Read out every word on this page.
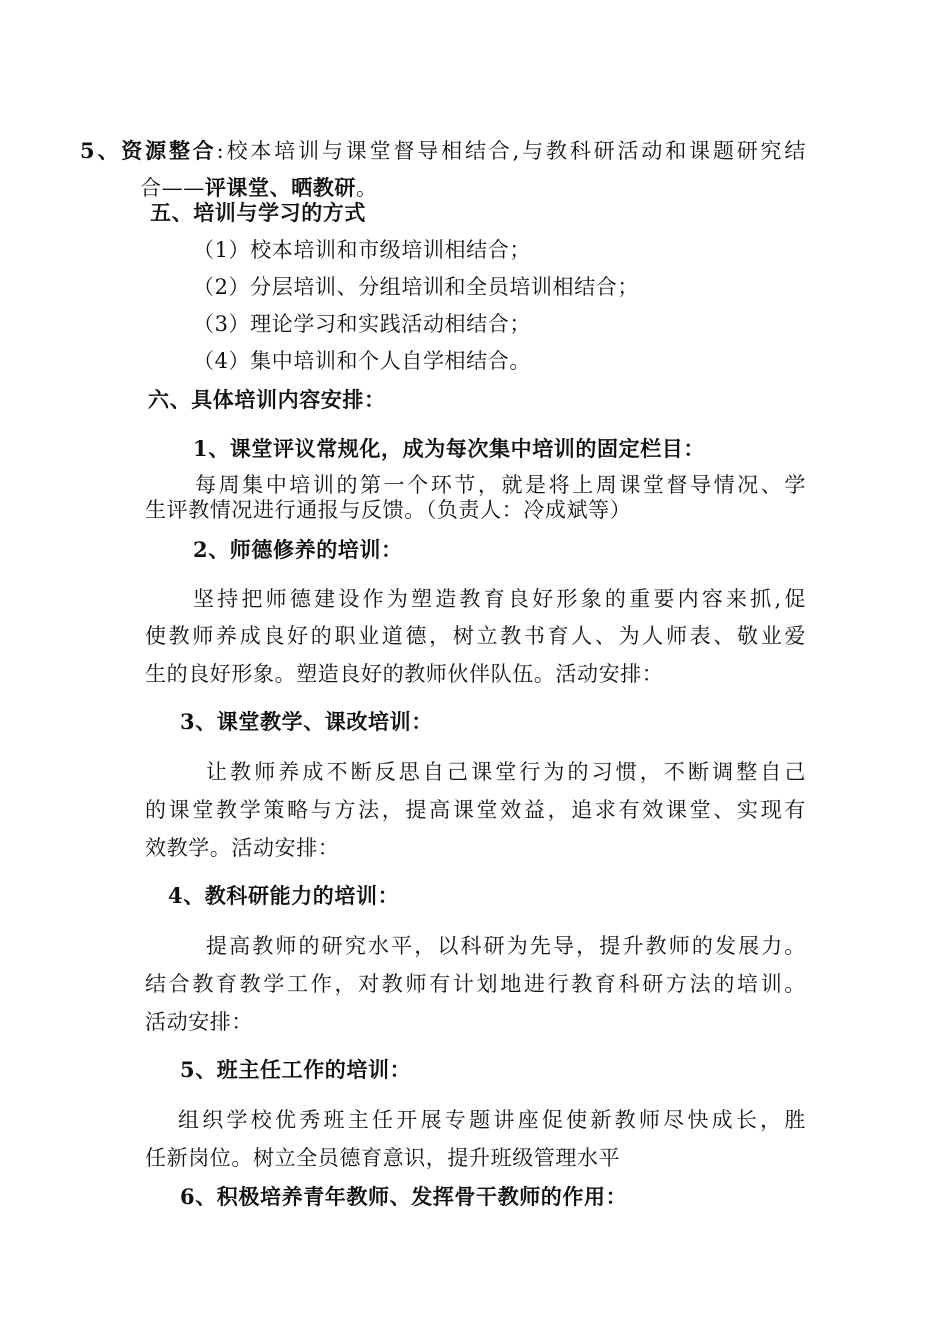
5、资源整合:校本培训与课堂督导相结合,与教科研活动和课题研究结
合——评课堂、晒教研。
五、培训与学习的方式
（1）校本培训和市级培训相结合；
（2）分层培训、分组培训和全员培训相结合；
（3）理论学习和实践活动相结合；
（4）集中培训和个人自学相结合。
六、具体培训内容安排：
1、课堂评议常规化，成为每次集中培训的固定栏目：
每周集中培训的第一个环节，就是将上周课堂督导情况、学
生评教情况进行通报与反馈。（负责人：冷成斌等）
2、师德修养的培训：
坚持把师德建设作为塑造教育良好形象的重要内容来抓,促
使教师养成良好的职业道德，树立教书育人、为人师表、敬业爱
生的良好形象。塑造良好的教师伙伴队伍。活动安排：
3、课堂教学、课改培训：
让教师养成不断反思自己课堂行为的习惯，不断调整自己
的课堂教学策略与方法，提高课堂效益，追求有效课堂、实现有
效教学。活动安排：
4、教科研能力的培训：
提高教师的研究水平，以科研为先导，提升教师的发展力。
结合教育教学工作，对教师有计划地进行教育科研方法的培训。
活动安排：
5、班主任工作的培训：
组织学校优秀班主任开展专题讲座促使新教师尽快成长，胜
任新岗位。树立全员德育意识，提升班级管理水平
6、积极培养青年教师、发挥骨干教师的作用：
